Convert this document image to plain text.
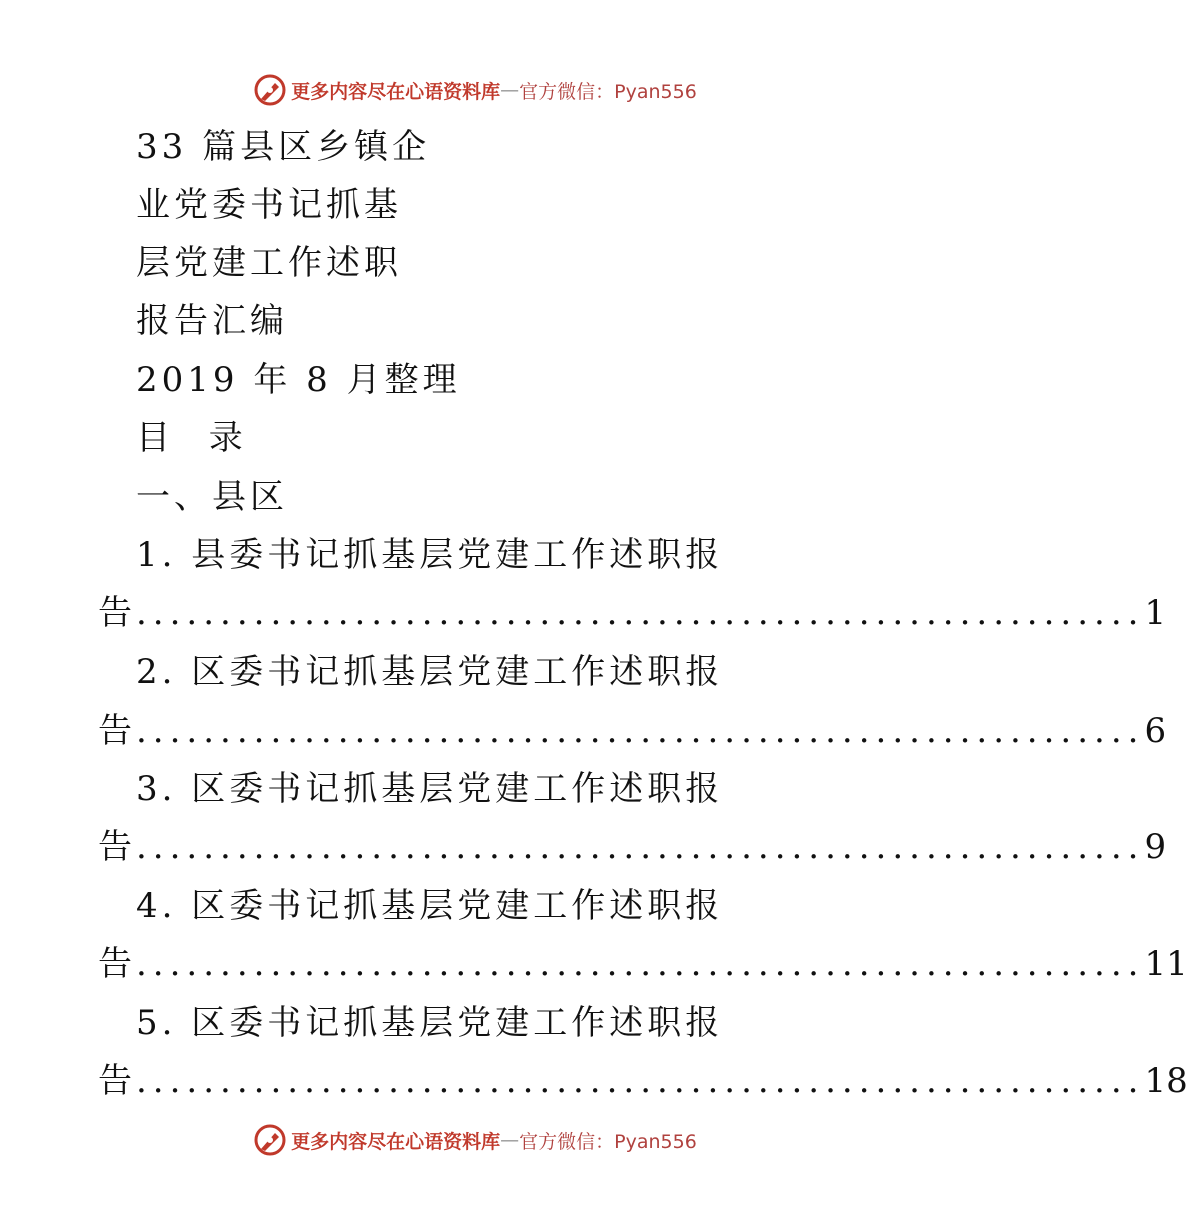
更多内容尽在心语资料库 — 官方微信：Pyan556
33 篇县区乡镇企
业党委书记抓基
层党建工作述职
报告汇编
2019 年 8 月整理
目 录
一、县区
1. 县委书记抓基层党建工作述职报
告 ............................................................ 1
2. 区委书记抓基层党建工作述职报
告 ............................................................ 6
3. 区委书记抓基层党建工作述职报
告 ............................................................ 9
4. 区委书记抓基层党建工作述职报
告 ............................................................ 11
5. 区委书记抓基层党建工作述职报
告 ............................................................ 18
更多内容尽在心语资料库 — 官方微信：Pyan556
